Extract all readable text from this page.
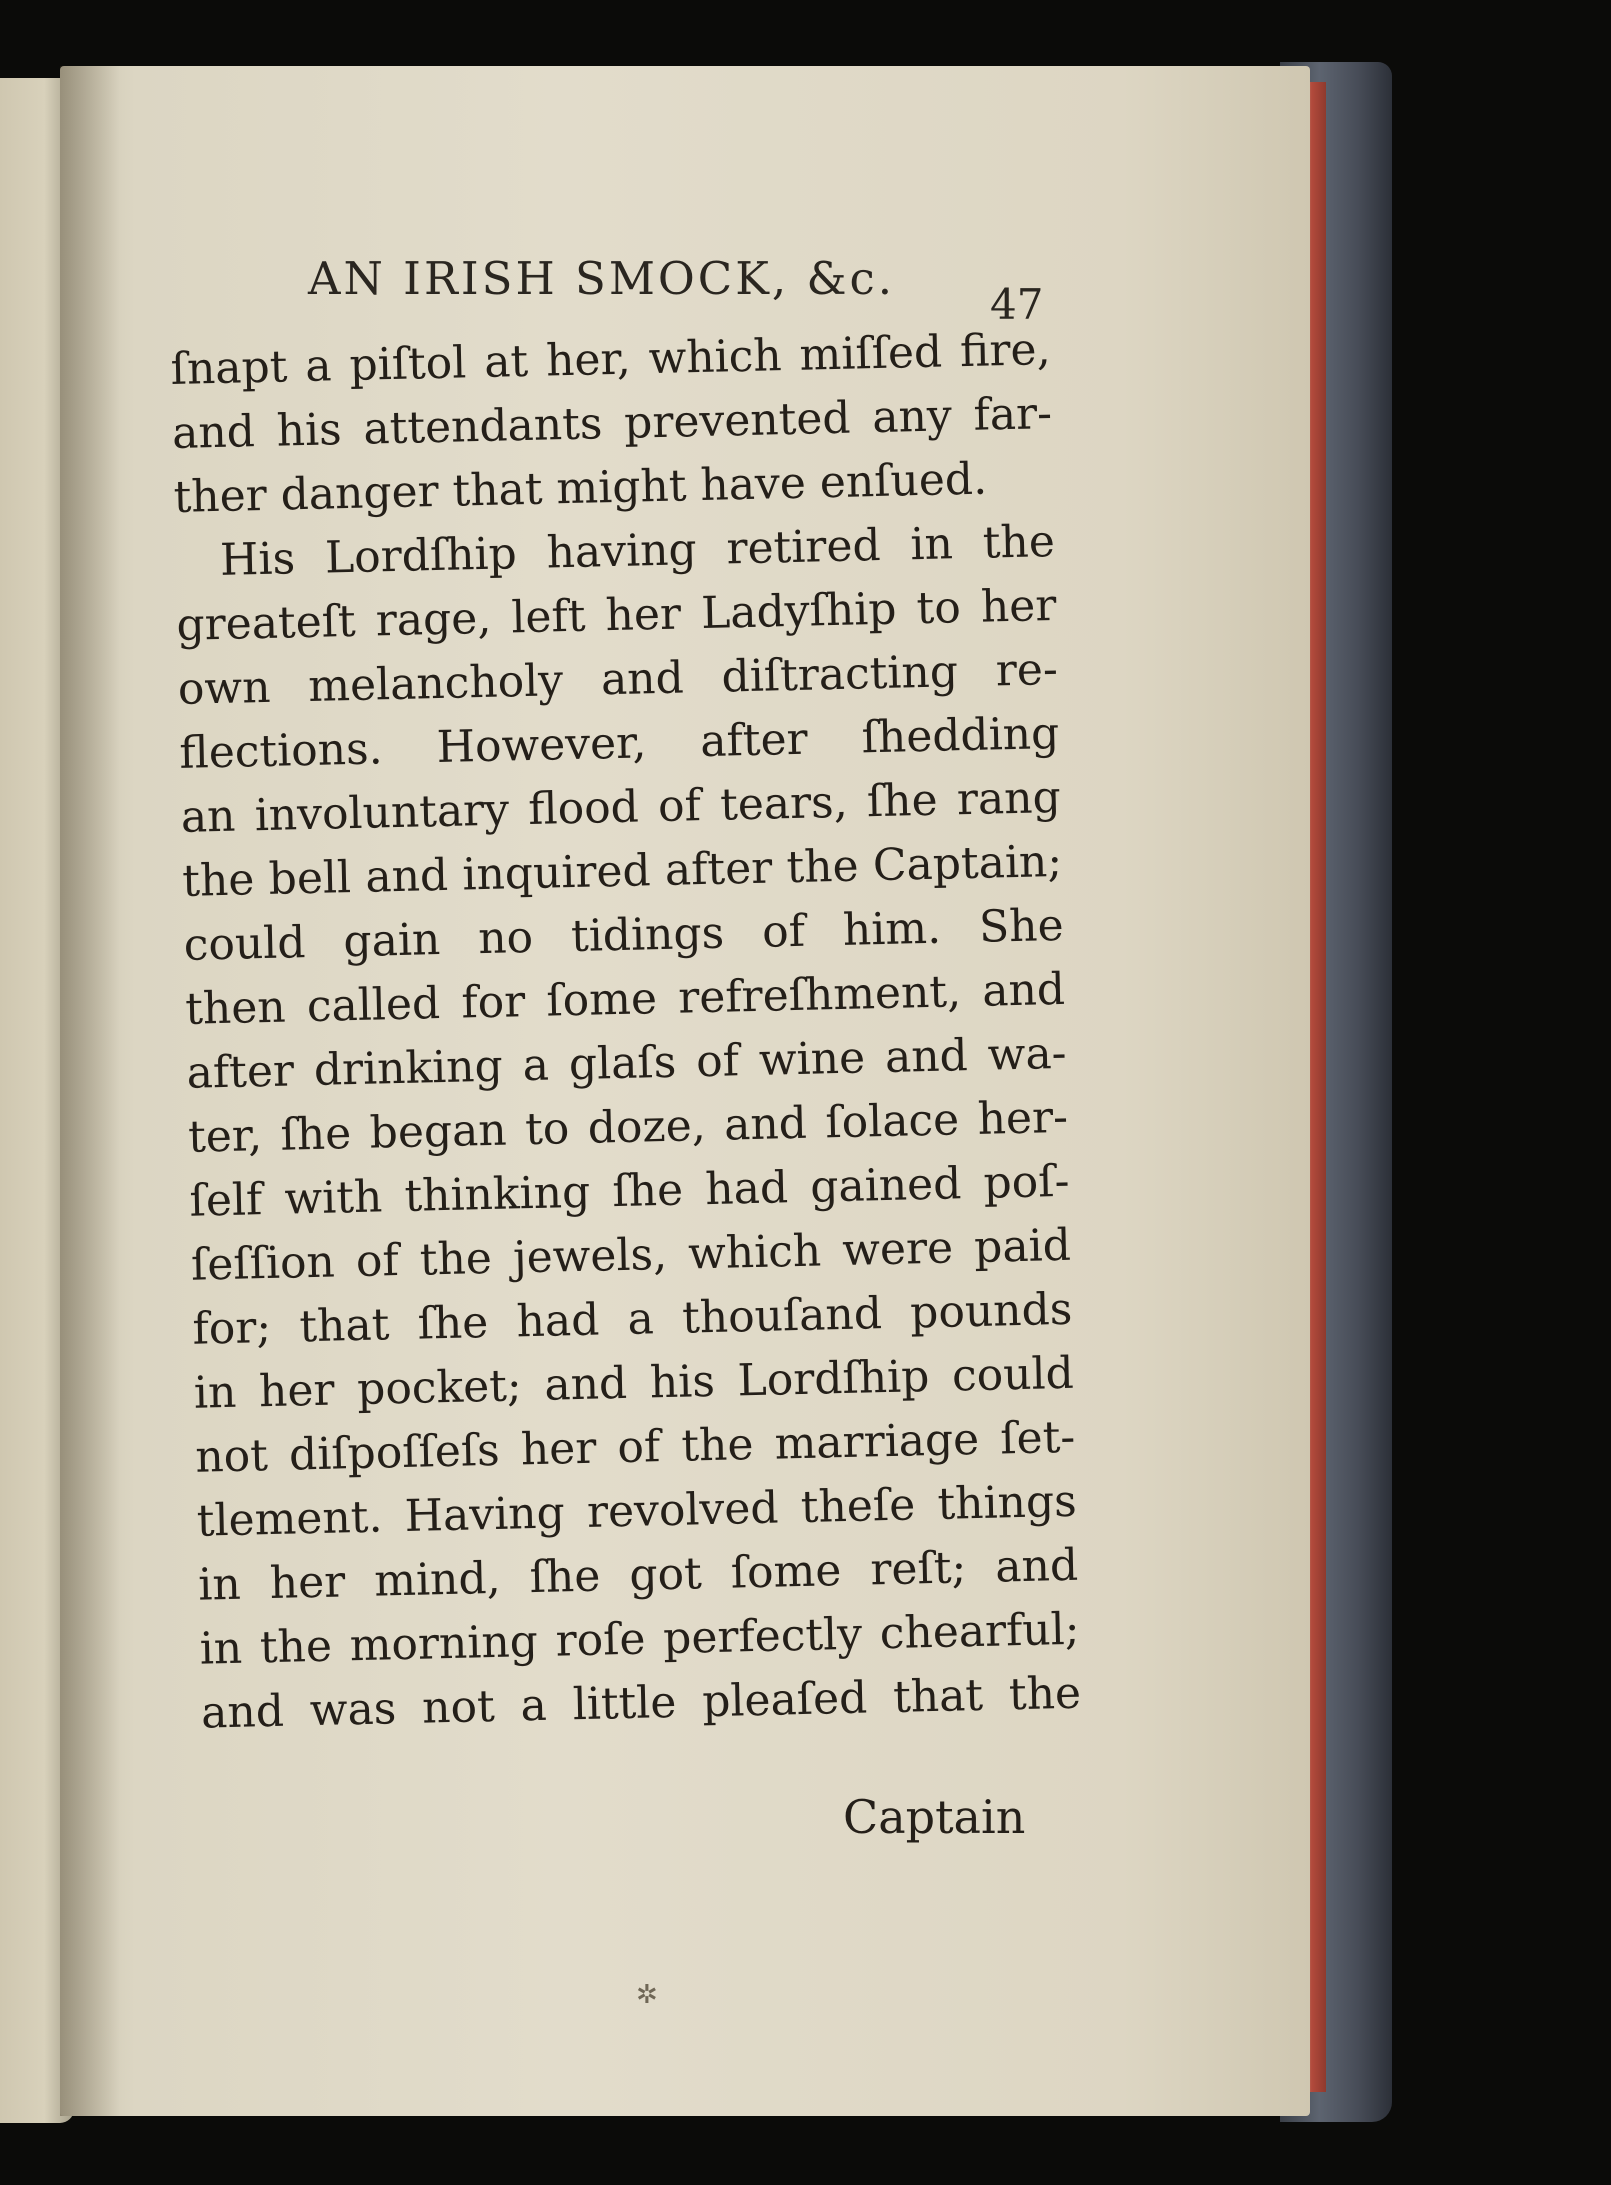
AN IRISH SMOCK, &c.	47
ſnapt a piſtol at her, which miſſed fire,
and his attendants prevented any far-
ther danger that might have enſued.
His Lordſhip having retired in the
greateſt rage, left her Ladyſhip to her
own melancholy and diſtracting re-
flections. However, after ſhedding
an involuntary flood of tears, ſhe rang
the bell and inquired after the Captain;
could gain no tidings of him. She
then called for ſome refreſhment, and
after drinking a glaſs of wine and wa-
ter, ſhe began to doze, and ſolace her-
ſelf with thinking ſhe had gained poſ-
ſeſſion of the jewels, which were paid
for; that ſhe had a thouſand pounds
in her pocket; and his Lordſhip could
not diſpoſſeſs her of the marriage ſet-
tlement. Having revolved theſe things
in her mind, ſhe got ſome reſt; and
in the morning roſe perfectly chearful;
and was not a little pleaſed that the
Captain
✲
